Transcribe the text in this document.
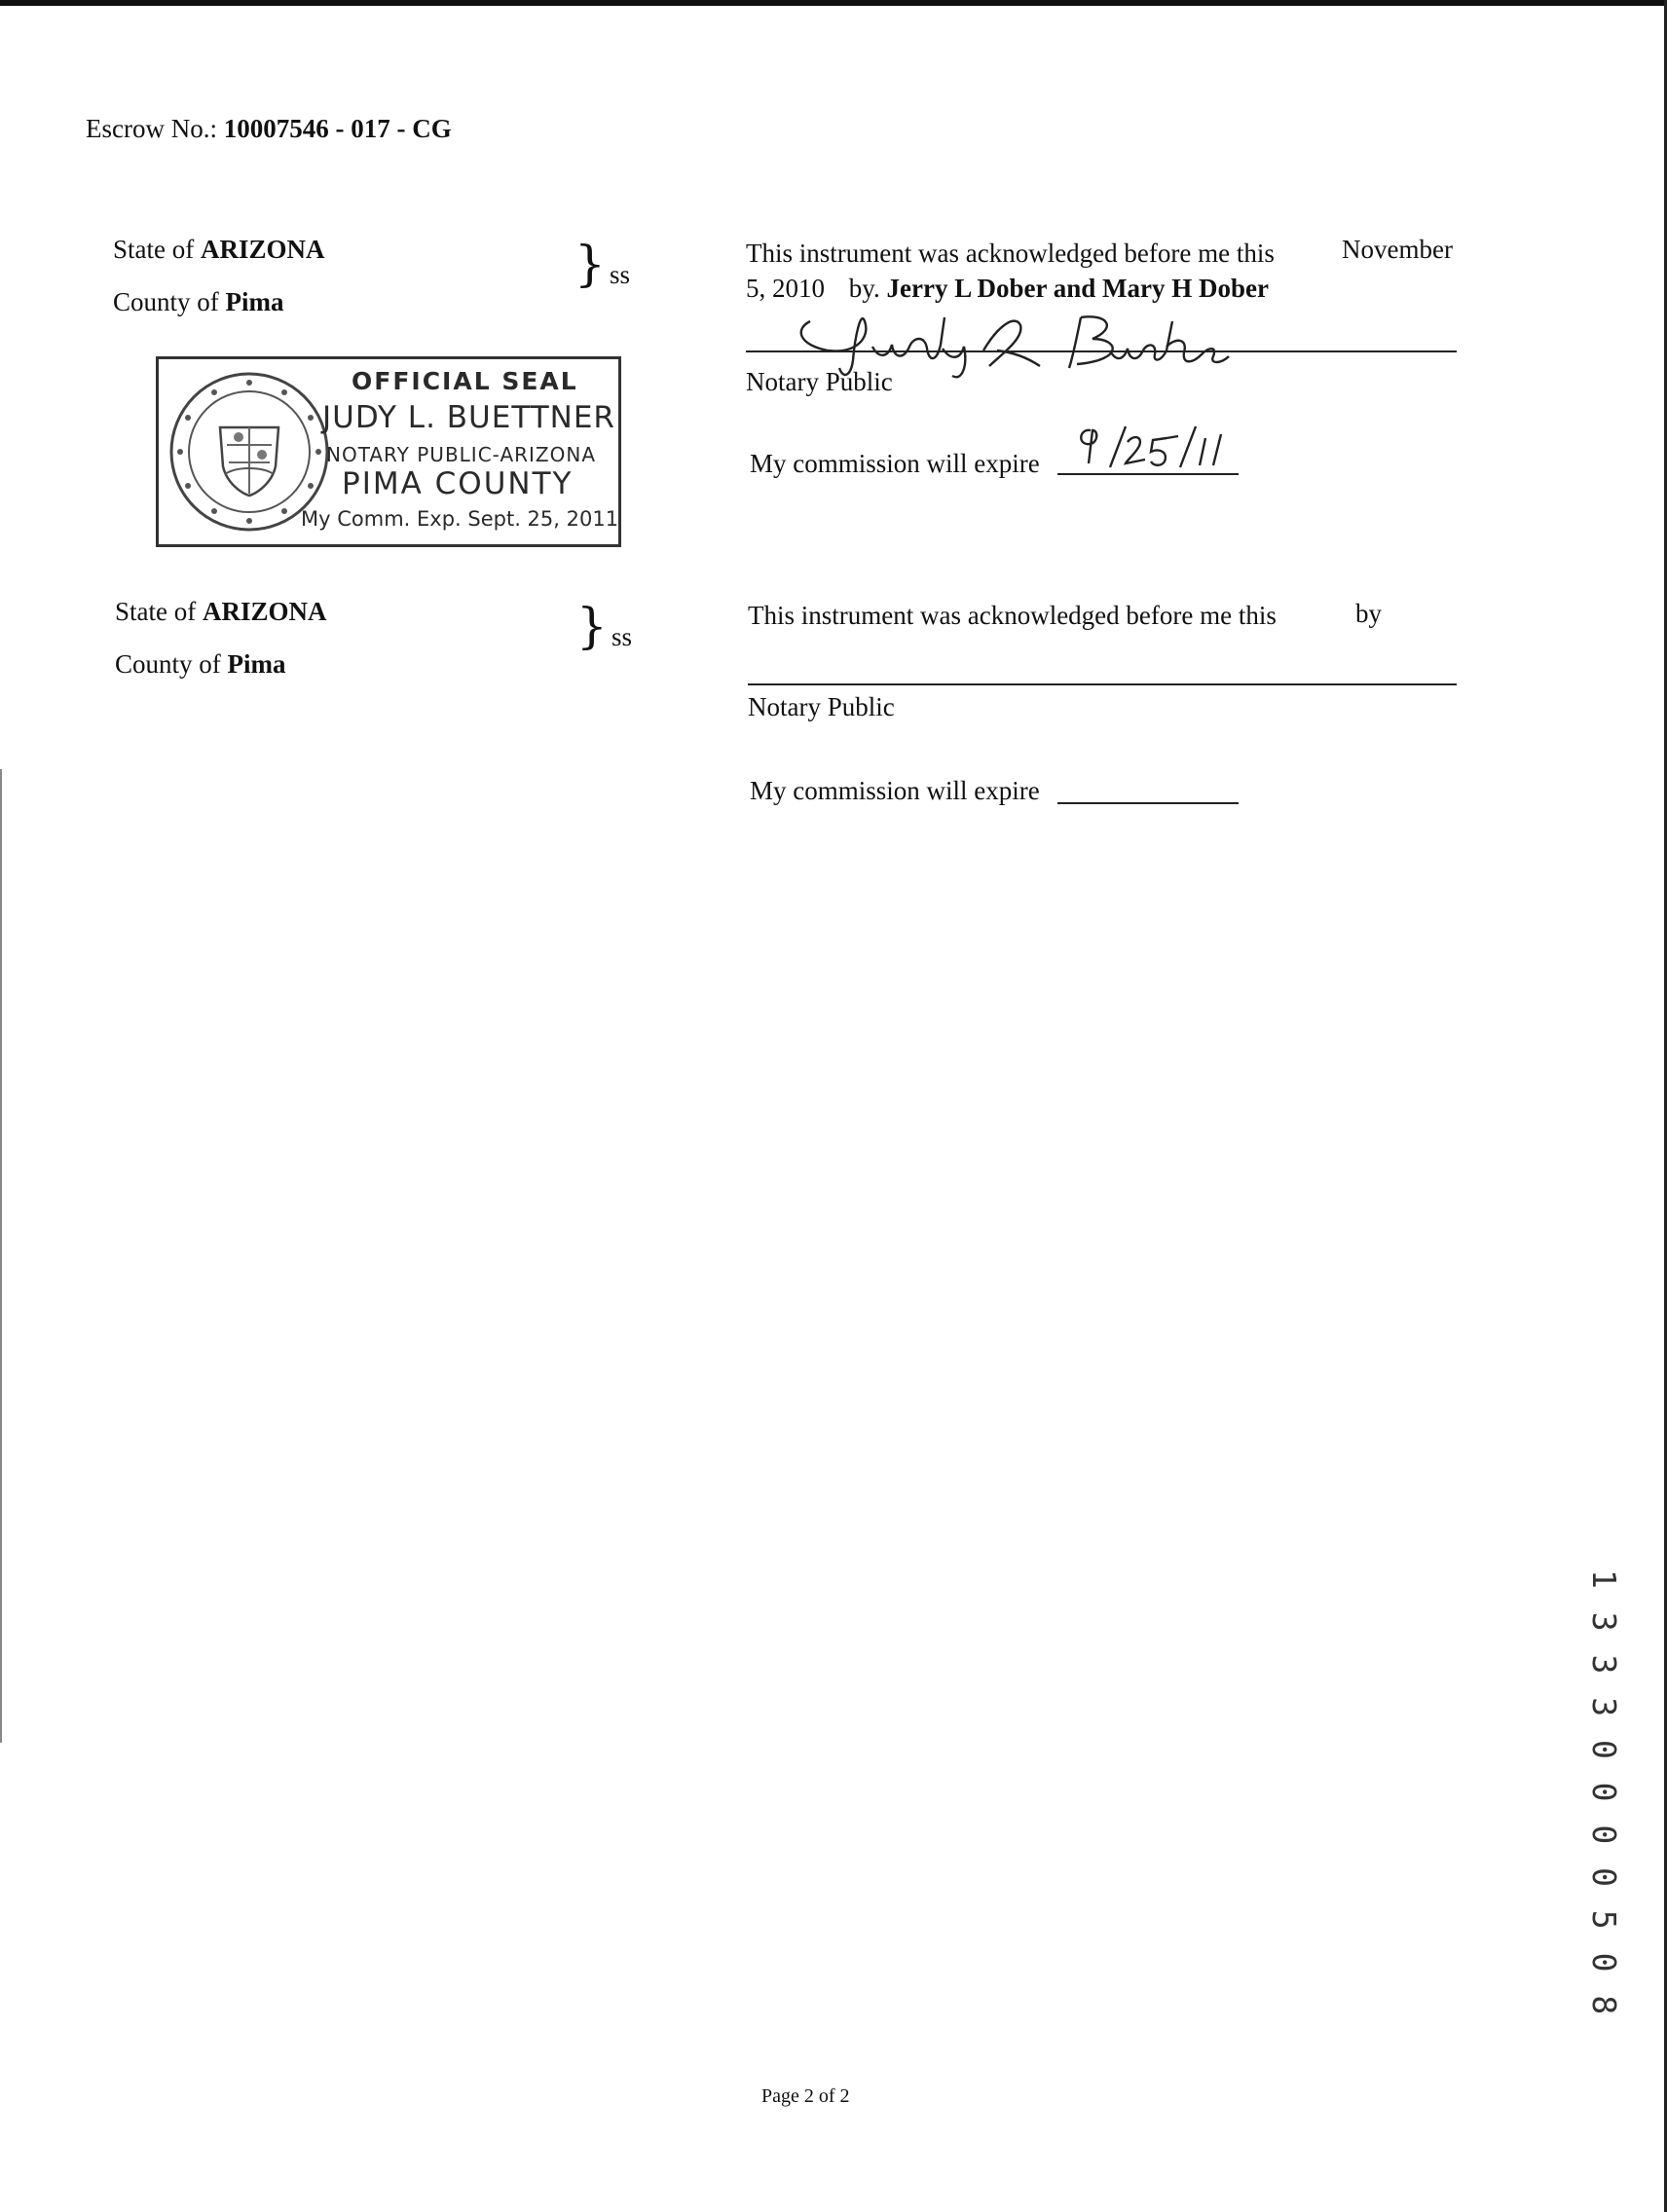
Escrow No.: 10007546 - 017 - CG
State of ARIZONA
County of Pima
} ss
This instrument was acknowledged before me this	November
5, 2010 by. Jerry L Dober and Mary H Dober
Notary Public
My commission will expire
OFFICIAL SEAL
JUDY L. BUETTNER
NOTARY PUBLIC-ARIZONA
PIMA COUNTY
My Comm. Exp. Sept. 25, 2011
State of ARIZONA
County of Pima
} ss
This instrument was acknowledged before me this	by
Notary Public
My commission will expire
1 3 3 3 0 0 0 0 5 0 8
Page 2 of 2
